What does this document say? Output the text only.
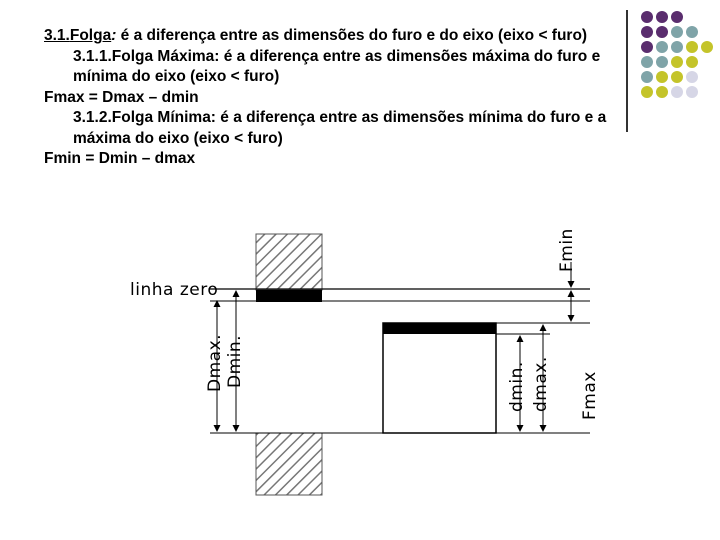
3.1.Folga: é a diferença entre as dimensões do furo e do eixo (eixo < furo)

3.1.1.Folga Máxima: é a diferença entre as dimensões máxima do furo e mínima do eixo (eixo < furo)

Fmax = Dmax – dmin

3.1.2.Folga Mínima: é a diferença entre as dimensões mínima do furo e a máxima do eixo (eixo < furo)

Fmin = Dmin – dmax

linha zero
Fmin
Dmax. Dmin.	dmin. dmax. Fmax
